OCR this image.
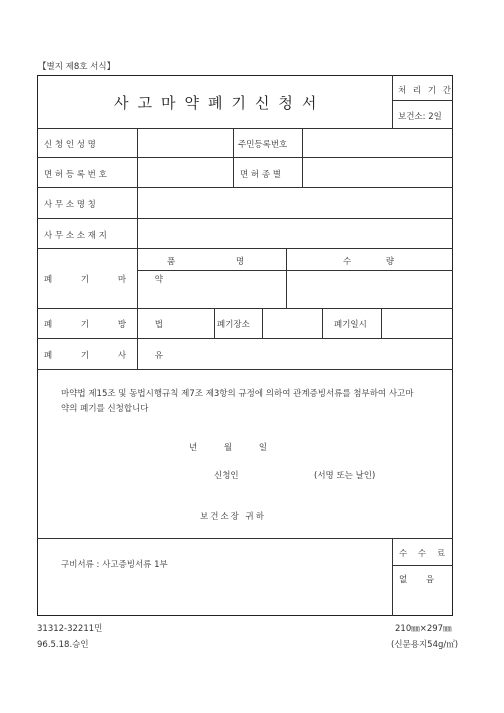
【별지 제8호 서식】
사고마약폐기신청서
처 리 기 간
보건소: 2일
신 청 인 성 명	주민등록번호
면 허 등 록 번 호	면 허 종 별
사 무 소 명 칭
사 무 소 소 재 지
폐 기 마 약
품 명	수 량
폐 기 방 법	폐기장소	폐기일시
폐 기 사 유
마약법 제15조 및 동법시행규칙 제7조 제3항의 규정에 의하여 관계증빙서류를 첨부하여 사고마약의 폐기를 신청합니다
년 월 일
신청인	(서명 또는 날인)
보건소장 귀하
구비서류 : 사고증빙서류 1부
수 수 료
없 음
31312-32211민
96.5.18.승인
210㎜×297㎜
(신문용지54g/㎡)
